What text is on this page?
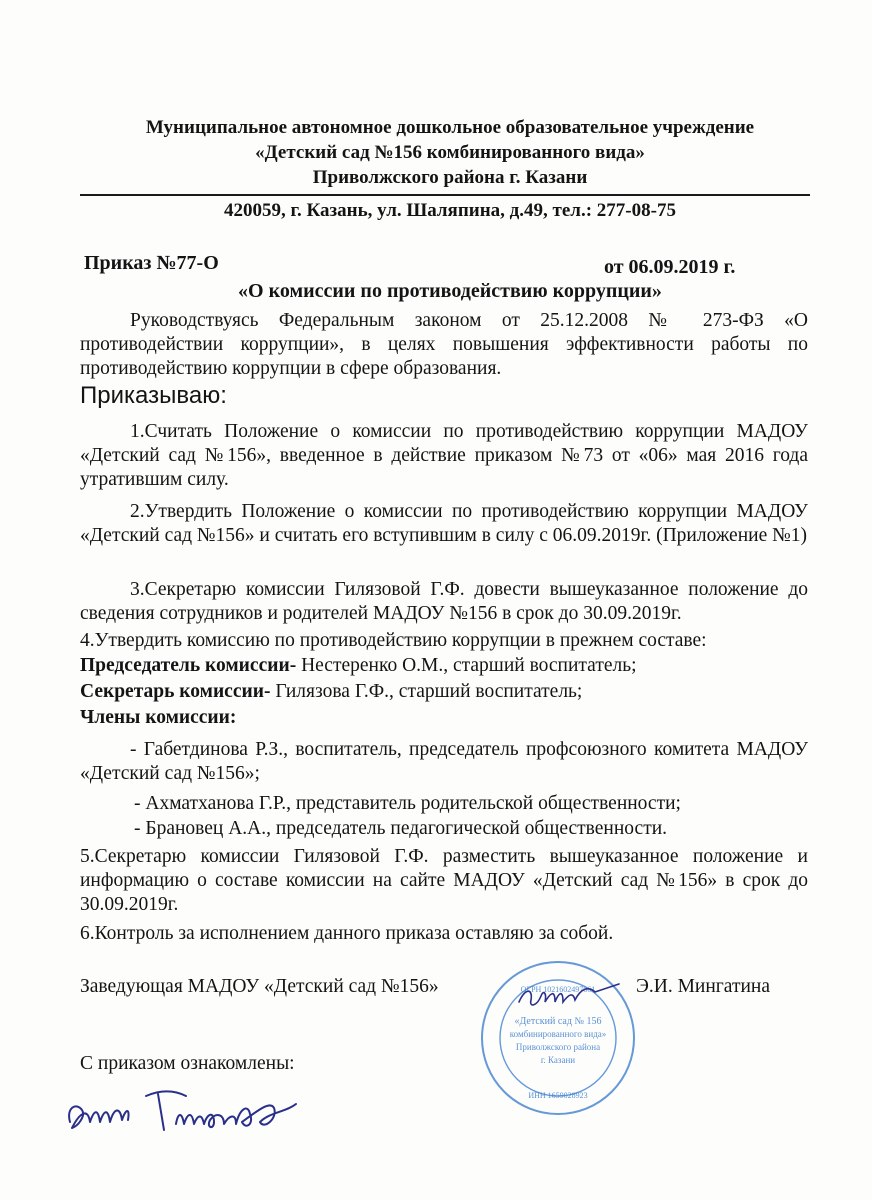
Муниципальное автономное дошкольное образовательное учреждение
«Детский сад №156 комбинированного вида»
Приволжского района г. Казани
420059, г. Казань, ул. Шаляпина, д.49, тел.: 277-08-75
Приказ №77-О	от 06.09.2019 г.
«О комиссии по противодействию коррупции»
Руководствуясь Федеральным законом от 25.12.2008 № 273-ФЗ «О противодействии коррупции», в целях повышения эффективности работы по противодействию коррупции в сфере образования.
Приказываю:
1.Считать Положение о комиссии по противодействию коррупции МАДОУ «Детский сад №156», введенное в действие приказом №73 от «06» мая 2016 года утратившим силу.
2.Утвердить Положение о комиссии по противодействию коррупции МАДОУ «Детский сад №156» и считать его вступившим в силу с 06.09.2019г. (Приложение №1)
3.Секретарю комиссии Гилязовой Г.Ф. довести вышеуказанное положение до сведения сотрудников и родителей МАДОУ №156 в срок до 30.09.2019г.
4.Утвердить комиссию по противодействию коррупции в прежнем составе:
Председатель комиссии- Нестеренко О.М., старший воспитатель;
Секретарь комиссии- Гилязова Г.Ф., старший воспитатель;
Члены комиссии:
- Габетдинова Р.З., воспитатель, председатель профсоюзного комитета МАДОУ «Детский сад №156»;
- Ахматханова Г.Р., представитель родительской общественности;
- Брановец А.А., председатель педагогической общественности.
5.Секретарю комиссии Гилязовой Г.Ф. разместить вышеуказанное положение и информацию о составе комиссии на сайте МАДОУ «Детский сад №156» в срок до 30.09.2019г.
6.Контроль за исполнением данного приказа оставляю за собой.
Заведующая МАДОУ «Детский сад №156»	Э.И. Мингатина
С приказом ознакомлены:
ОГРН 1021602497061
«Детский сад № 156
комбинированного вида»
Приволжского района
г. Казани
ИНН 1659028923
